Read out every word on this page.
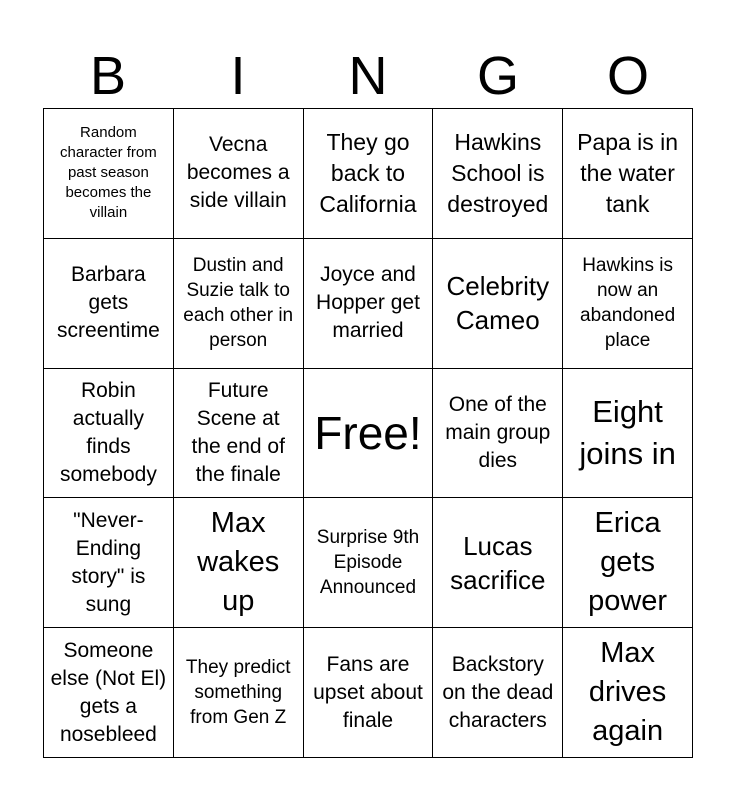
B	I	N	G	O
Random character from past season becomes the villain
Vecna becomes a side villain
They go back to California
Hawkins School is destroyed
Papa is in the water tank
Barbara gets screentime
Dustin and Suzie talk to each other in person
Joyce and Hopper get married
Celebrity Cameo
Hawkins is now an abandoned place
Robin actually finds somebody
Future Scene at the end of the finale
Free!
One of the main group dies
Eight joins in
"Never-Ending story" is sung
Max wakes up
Surprise 9th Episode Announced
Lucas sacrifice
Erica gets power
Someone else (Not El) gets a nosebleed
They predict something from Gen Z
Fans are upset about finale
Backstory on the dead characters
Max drives again
